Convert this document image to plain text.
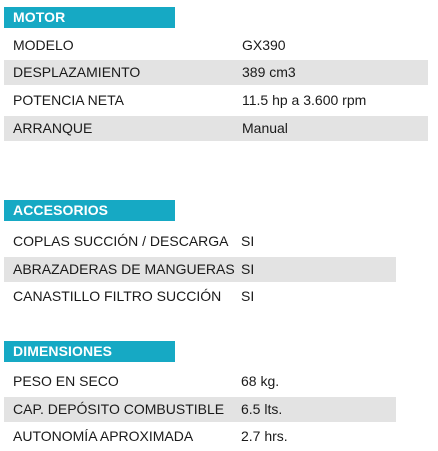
MOTOR
MODELO	GX390
DESPLAZAMIENTO	389 cm3
POTENCIA NETA	11.5 hp a 3.600 rpm
ARRANQUE	Manual
ACCESORIOS
COPLAS SUCCIÓN / DESCARGA SI
ABRAZADERAS DE MANGUERAS SI
CANASTILLO FILTRO SUCCIÓN SI
DIMENSIONES
PESO EN SECO	68 kg.
CAP. DEPÓSITO COMBUSTIBLE 6.5 lts.
AUTONOMÍA APROXIMADA	2.7 hrs.
